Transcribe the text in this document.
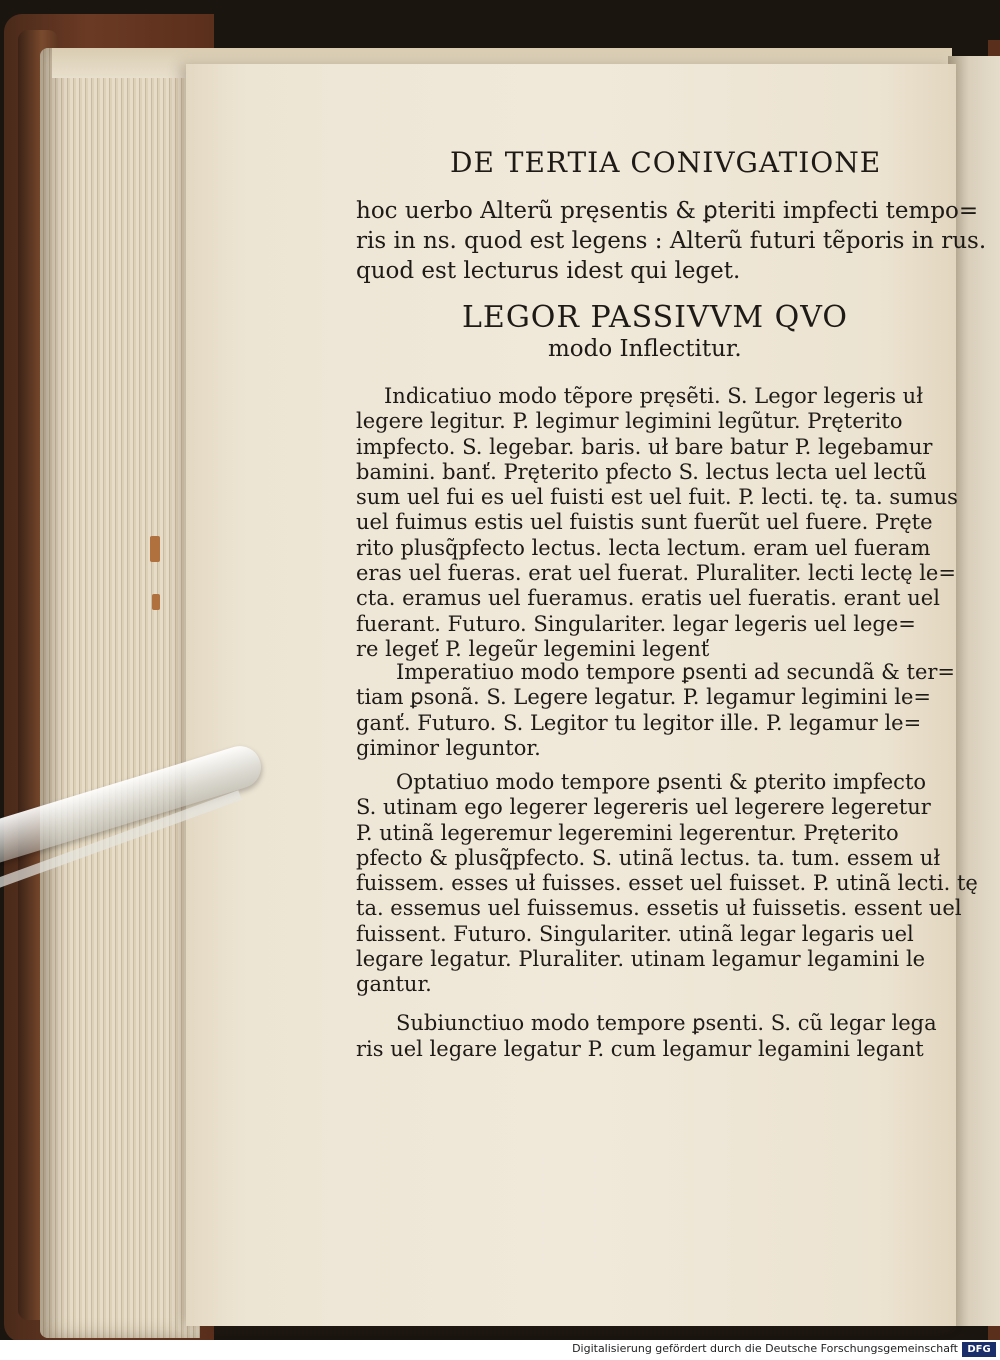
DE TERTIA CONIVGATIONE
hoc uerbo Alterũ pręsentis & ꝑteriti impfecti tempo=
ris in ns. quod est legens : Alterũ futuri tẽporis in rus.
quod est lecturus idest qui leget.
LEGOR PASSIVVM QVO
modo Inflectitur.
Indicatiuo modo tẽpore pręsẽti. S. Legor legeris uł
legere legitur. P. legimur legimini legũtur. Pręterito
impfecto. S. legebar. baris. uł bare batur P. legebamur
bamini. banť. Pręterito pfecto S. lectus lecta uel lectũ
sum uel fui es uel fuisti est uel fuit. P. lecti. tę. ta. sumus
uel fuimus estis uel fuistis sunt fuerũt uel fuere. Pręte
rito plusq̃pfecto lectus. lecta lectum. eram uel fueram
eras uel fueras. erat uel fuerat. Pluraliter. lecti lectę le=
cta. eramus uel fueramus. eratis uel fueratis. erant uel
fuerant. Futuro. Singulariter. legar legeris uel lege=
re legeť P. legeũr legemini legenť
Imperatiuo modo tempore ꝑsenti ad secundã & ter=
tiam ꝑsonã. S. Legere legatur. P. legamur legimini le=
ganť. Futuro. S. Legitor tu legitor ille. P. legamur le=
giminor leguntor.
Optatiuo modo tempore ꝑsenti & ꝑterito impfecto
S. utinam ego legerer legereris uel legerere legeretur
P. utinã legeremur legeremini legerentur. Pręterito
pfecto & plusq̃pfecto. S. utinã lectus. ta. tum. essem uł
fuissem. esses uł fuisses. esset uel fuisset. P. utinã lecti. tę
ta. essemus uel fuissemus. essetis uł fuissetis. essent uel
fuissent. Futuro. Singulariter. utinã legar legaris uel
legare legatur. Pluraliter. utinam legamur legamini le
gantur.
Subiunctiuo modo tempore ꝑsenti. S. cũ legar lega
ris uel legare legatur P. cum legamur legamini legant
Digitalisierung gefördert durch die Deutsche Forschungsgemeinschaft DFG
